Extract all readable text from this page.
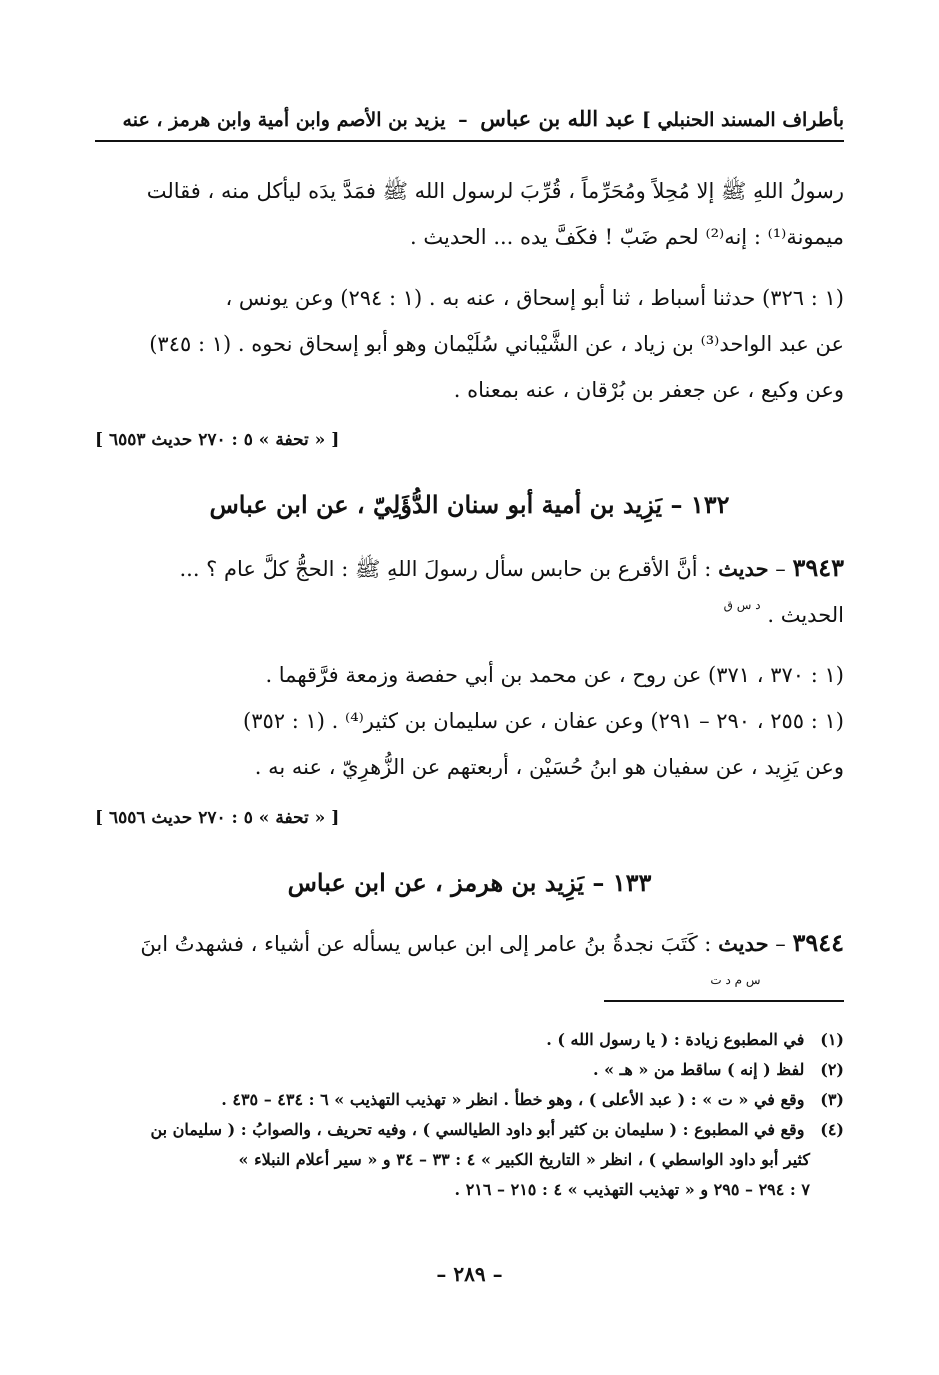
بأطراف المسند الحنبلي ] عبد الله بن عباس – يزيد بن الأصم وابن أمية وابن هرمز ، عنه
رسولُ اللهِ ﷺ إلا مُحِلاً ومُحَرِّماً ، قُرِّبَ لرسول الله ﷺ فمَدَّ يدَه ليأكل منه ، فقالت
ميمونة⁽¹⁾ : إنه⁽²⁾ لحم ضَبّ ! فكَفَّ يده ... الحديث .
(١ : ٣٢٦) حدثنا أسباط ، ثنا أبو إسحاق ، عنه به . (١ : ٢٩٤) وعن يونس ،
عن عبد الواحد⁽³⁾ بن زياد ، عن الشَّيْباني سُلَيْمان وهو أبو إسحاق نحوه . (١ : ٣٤٥)
وعن وكيع ، عن جعفر بن بُرْقان ، عنه بمعناه .
[ « تحفة » ٥ : ٢٧٠ حديث ٦٥٥٣ ]
١٣٢ – يَزِيد بن أمية أبو سنان الدُّؤَلِيّ ، عن ابن عباس
٣٩٤٣ – حديث
د س ق
: أنَّ الأقرع بن حابس سأل رسولَ اللهِ ﷺ : الحجُّ كلَّ عام ؟ ...
الحديث .
(١ : ٣٧٠ ، ٣٧١) عن روح ، عن محمد بن أبي حفصة وزمعة فرَّقهما .
(١ : ٢٥٥ ، ٢٩٠ – ٢٩١) وعن عفان ، عن سليمان بن كثير⁽⁴⁾ . (١ : ٣٥٢)
وعن يَزِيد ، عن سفيان هو ابنُ حُسَيْن ، أربعتهم عن الزُّهرِيّ ، عنه به .
[ « تحفة » ٥ : ٢٧٠ حديث ٦٥٥٦ ]
١٣٣ – يَزِيد بن هرمز ، عن ابن عباس
٣٩٤٤ – حديث
س م د ت
: كَتَبَ نجدةُ بنُ عامر إلى ابن عباس يسأله عن أشياء ، فشهدتُ ابنَ
(١) في المطبوع زيادة : ( يا رسول الله ) .
(٢) لفظ ( إنه ) ساقط من « هـ » .
(٣) وقع في « ت » : ( عبد الأعلى ) ، وهو خطأ . انظر « تهذيب التهذيب » ٦ : ٤٣٤ – ٤٣٥ .
(٤) وقع في المطبوع : ( سليمان بن كثير أبو داود الطيالسي ) ، وفيه تحريف ، والصوابُ : ( سليمان بن
كثير أبو داود الواسطي ) ، انظر « التاريخ الكبير » ٤ : ٣٣ – ٣٤ و « سير أعلام النبلاء »
٧ : ٢٩٤ – ٢٩٥ و « تهذيب التهذيب » ٤ : ٢١٥ – ٢١٦ .
– ٢٨٩ –
